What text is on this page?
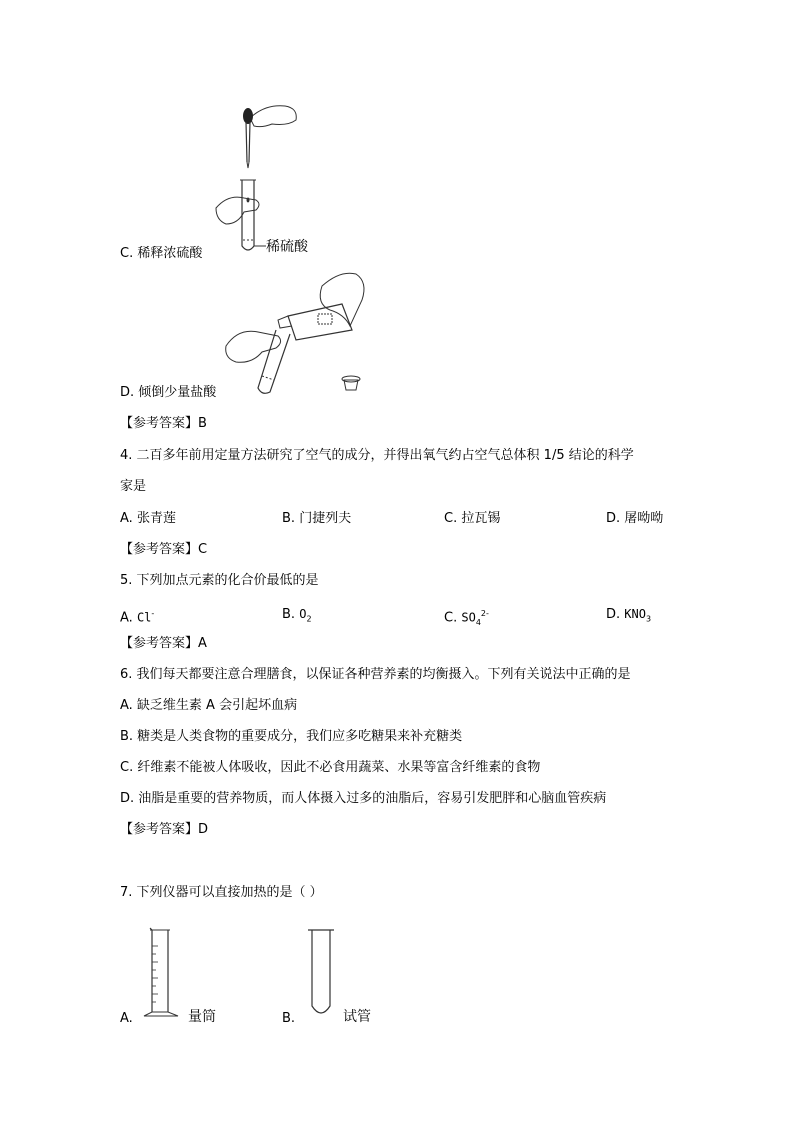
稀硫酸
C. 稀释浓硫酸
D. 倾倒少量盐酸
【参考答案】B
4. 二百多年前用定量方法研究了空气的成分，并得出氧气约占空气总体积 1/5 结论的科学
家是
A. 张青莲	B. 门捷列夫	C. 拉瓦锡	D. 屠呦呦
【参考答案】C
5. 下列加点元素的化合价最低的是
A. Cl-	B. $O_2$	C. $SO_4^{2-}$	D. $KNO_3$
【参考答案】A
6. 我们每天都要注意合理膳食，以保证各种营养素的均衡摄入。下列有关说法中正确的是
A. 缺乏维生素 A 会引起坏血病
B. 糖类是人类食物的重要成分，我们应多吃糖果来补充糖类
C. 纤维素不能被人体吸收，因此不必食用蔬菜、水果等富含纤维素的食物
D. 油脂是重要的营养物质，而人体摄入过多的油脂后，容易引发肥胖和心脑血管疾病
【参考答案】D
7. 下列仪器可以直接加热的是（ ）
A.	量筒	B.	试管
